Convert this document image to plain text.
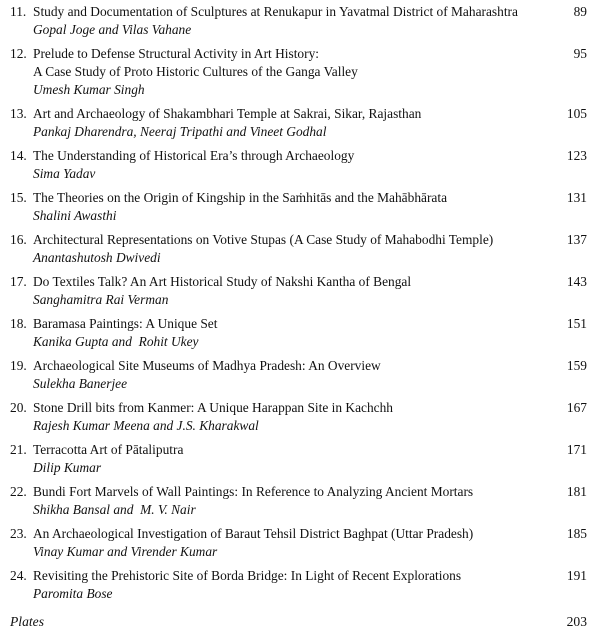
11. Study and Documentation of Sculptures at Renukapur in Yavatmal District of Maharashtra	89
Gopal Joge and Vilas Vahane
12. Prelude to Defense Structural Activity in Art History:	95
A Case Study of Proto Historic Cultures of the Ganga Valley
Umesh Kumar Singh
13. Art and Archaeology of Shakambhari Temple at Sakrai, Sikar, Rajasthan	105
Pankaj Dharendra, Neeraj Tripathi and Vineet Godhal
14. The Understanding of Historical Era’s through Archaeology	123
Sima Yadav
15. The Theories on the Origin of Kingship in the Saṁhitās and the Mahābhārata	131
Shalini Awasthi
16. Architectural Representations on Votive Stupas (A Case Study of Mahabodhi Temple)	137
Anantashutosh Dwivedi
17. Do Textiles Talk? An Art Historical Study of Nakshi Kantha of Bengal	143
Sanghamitra Rai Verman
18. Baramasa Paintings: A Unique Set	151
Kanika Gupta and  Rohit Ukey
19. Archaeological Site Museums of Madhya Pradesh: An Overview	159
Sulekha Banerjee
20. Stone Drill bits from Kanmer: A Unique Harappan Site in Kachchh	167
Rajesh Kumar Meena and J.S. Kharakwal
21. Terracotta Art of Pātaliputra	171
Dilip Kumar
22. Bundi Fort Marvels of Wall Paintings: In Reference to Analyzing Ancient Mortars	181
Shikha Bansal and  M. V. Nair
23. An Archaeological Investigation of Baraut Tehsil District Baghpat (Uttar Pradesh)	185
Vinay Kumar and Virender Kumar
24. Revisiting the Prehistoric Site of Borda Bridge: In Light of Recent Explorations	191
Paromita Bose
Plates	203
